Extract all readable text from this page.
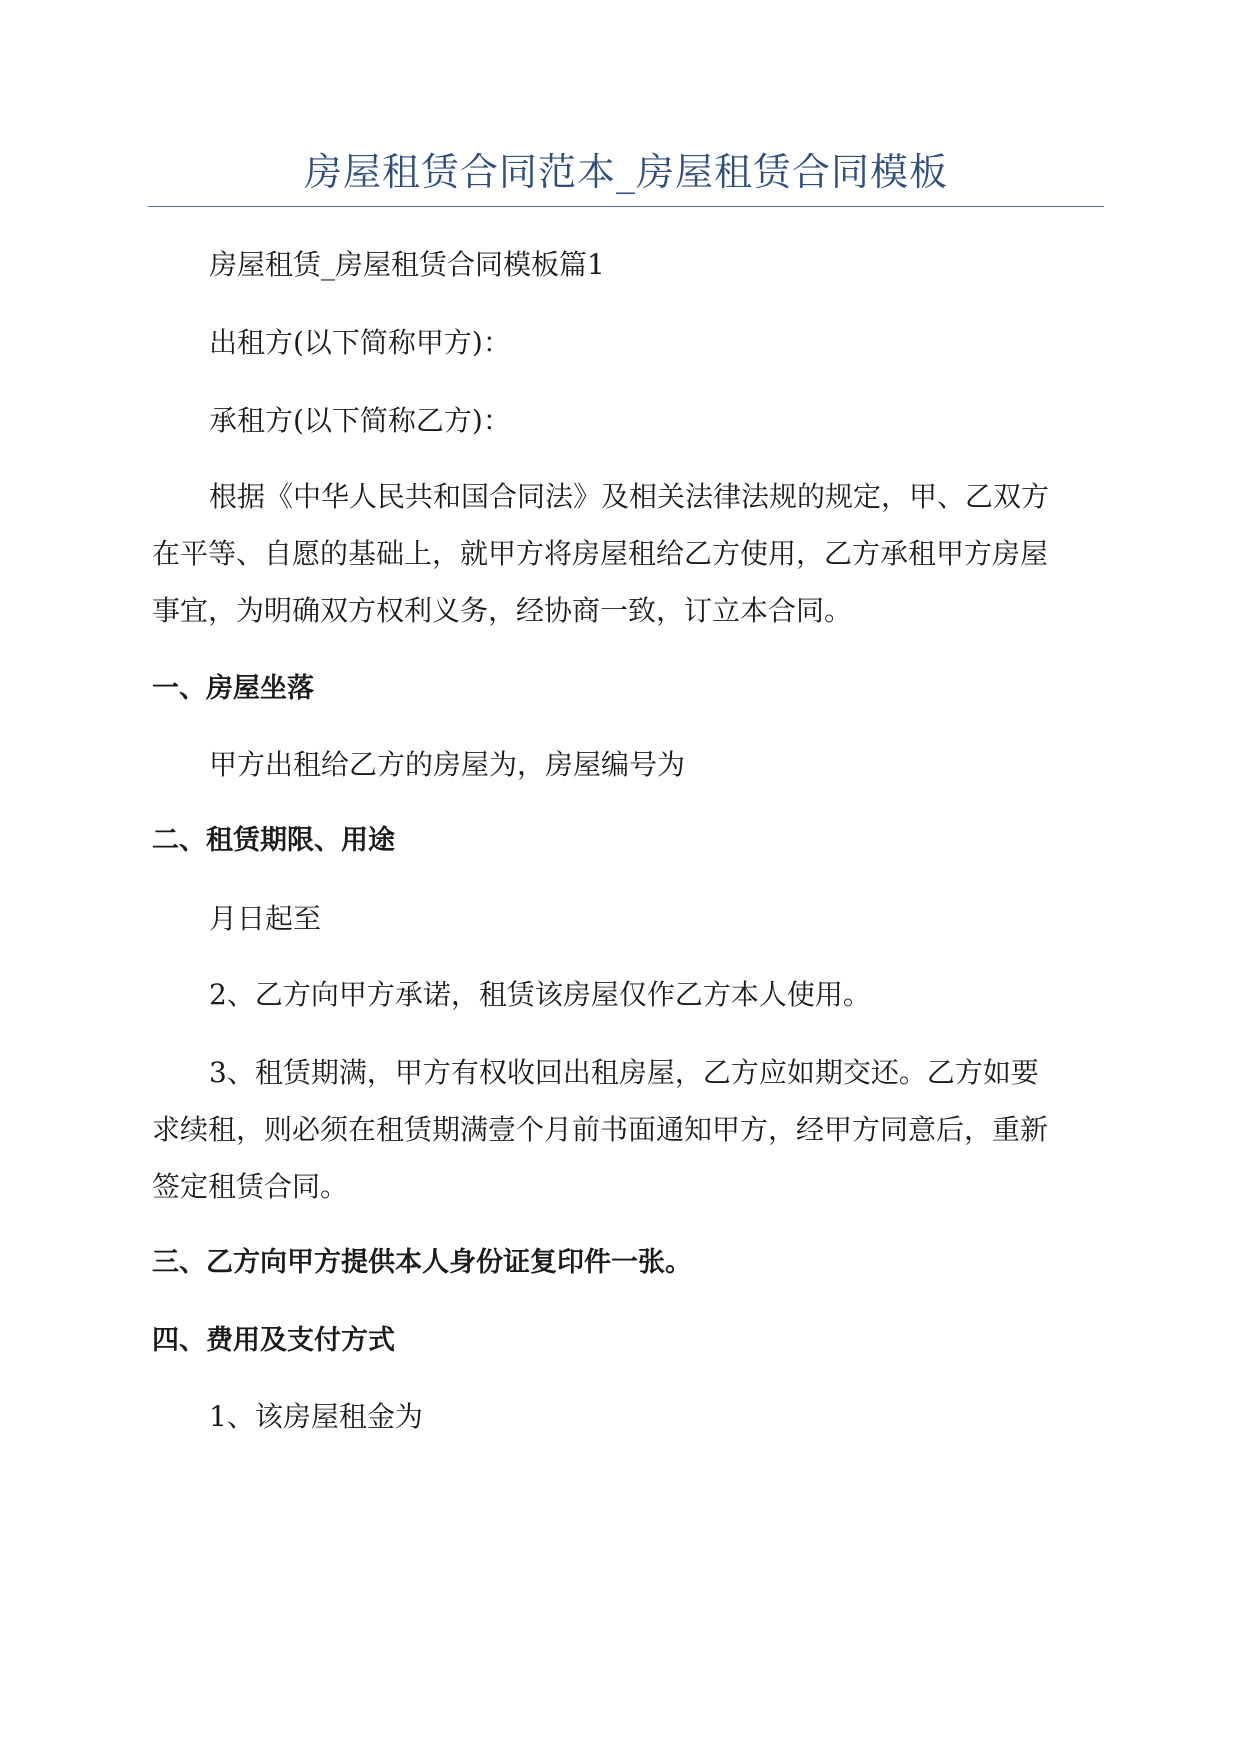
房屋租赁合同范本_房屋租赁合同模板

房屋租赁_房屋租赁合同模板篇1

出租方(以下简称甲方)：

承租方(以下简称乙方)：

根据《中华人民共和国合同法》及相关法律法规的规定，甲、乙双方
在平等、自愿的基础上，就甲方将房屋租给乙方使用，乙方承租甲方房屋
事宜，为明确双方权利义务，经协商一致，订立本合同。

一、房屋坐落

甲方出租给乙方的房屋为，房屋编号为

二、租赁期限、用途

月日起至

2、乙方向甲方承诺，租赁该房屋仅作乙方本人使用。

3、租赁期满，甲方有权收回出租房屋，乙方应如期交还。乙方如要
求续租，则必须在租赁期满壹个月前书面通知甲方，经甲方同意后，重新
签定租赁合同。

三、乙方向甲方提供本人身份证复印件一张。

四、费用及支付方式

1、该房屋租金为
